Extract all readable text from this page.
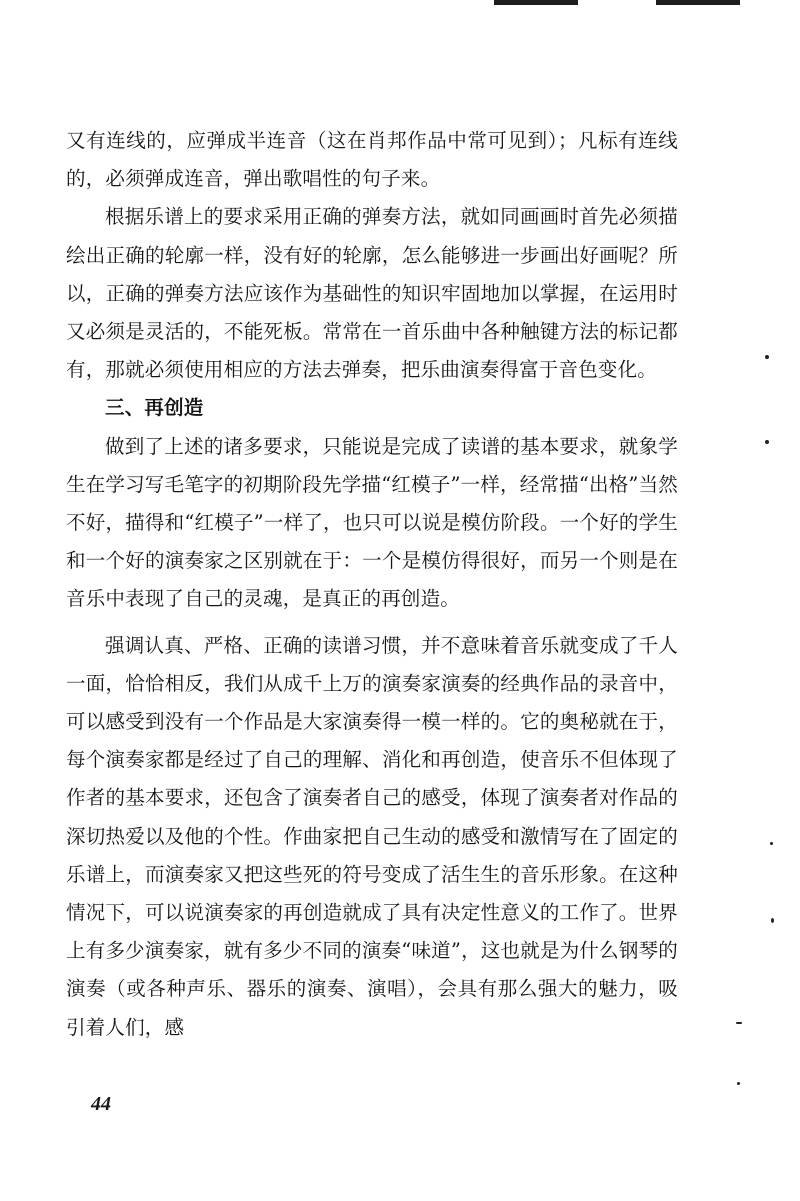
又有连线的，应弹成半连音（这在肖邦作品中常可见到）；凡标有连线的，必须弹成连音，弹出歌唱性的句子来。

根据乐谱上的要求采用正确的弹奏方法，就如同画画时首先必须描绘出正确的轮廓一样，没有好的轮廓，怎么能够进一步画出好画呢？所以，正确的弹奏方法应该作为基础性的知识牢固地加以掌握，在运用时又必须是灵活的，不能死板。常常在一首乐曲中各种触键方法的标记都有，那就必须使用相应的方法去弹奏，把乐曲演奏得富于音色变化。

三、再创造

做到了上述的诸多要求，只能说是完成了读谱的基本要求，就象学生在学习写毛笔字的初期阶段先学描“红模子”一样，经常描“出格”当然不好，描得和“红模子”一样了，也只可以说是模仿阶段。一个好的学生和一个好的演奏家之区别就在于：一个是模仿得很好，而另一个则是在音乐中表现了自己的灵魂，是真正的再创造。

强调认真、严格、正确的读谱习惯，并不意味着音乐就变成了千人一面，恰恰相反，我们从成千上万的演奏家演奏的经典作品的录音中，可以感受到没有一个作品是大家演奏得一模一样的。它的奥秘就在于，每个演奏家都是经过了自己的理解、消化和再创造，使音乐不但体现了作者的基本要求，还包含了演奏者自己的感受，体现了演奏者对作品的深切热爱以及他的个性。作曲家把自己生动的感受和激情写在了固定的乐谱上，而演奏家又把这些死的符号变成了活生生的音乐形象。在这种情况下，可以说演奏家的再创造就成了具有决定性意义的工作了。世界上有多少演奏家，就有多少不同的演奏“味道”，这也就是为什么钢琴的演奏（或各种声乐、器乐的演奏、演唱），会具有那么强大的魅力，吸引着人们，感

44
